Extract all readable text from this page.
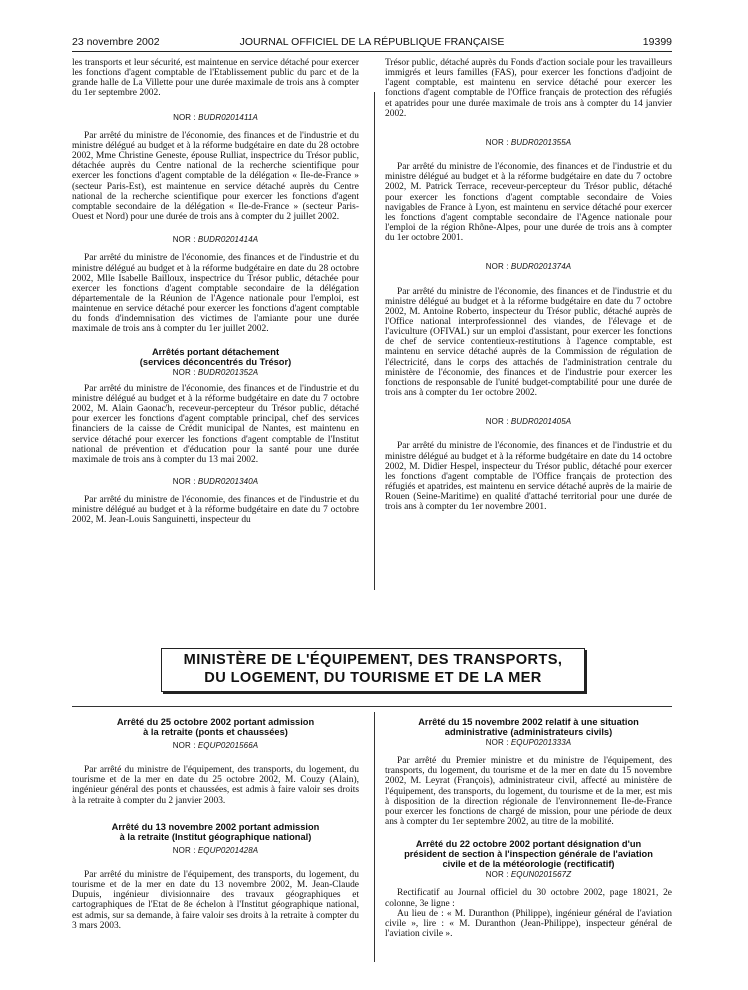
23 novembre 2002	JOURNAL OFFICIEL DE LA RÉPUBLIQUE FRANÇAISE	19399

les transports et leur sécurité, est maintenue en service détaché pour exercer les fonctions d'agent comptable de l'Etablissement public du parc et de la grande halle de La Villette pour une durée maximale de trois ans à compter du 1er septembre 2002.

NOR : BUDR0201411A

Par arrêté du ministre de l'économie, des finances et de l'industrie et du ministre délégué au budget et à la réforme budgétaire en date du 28 octobre 2002, Mme Christine Geneste, épouse Rulliat, inspectrice du Trésor public, détachée auprès du Centre national de la recherche scientifique pour exercer les fonctions d'agent comptable de la délégation « Ile-de-France » (secteur Paris-Est), est maintenue en service détaché auprès du Centre national de la recherche scientifique pour exercer les fonctions d'agent comptable secondaire de la délégation « Ile-de-France » (secteur Paris-Ouest et Nord) pour une durée de trois ans à compter du 2 juillet 2002.

NOR : BUDR0201414A

Par arrêté du ministre de l'économie, des finances et de l'industrie et du ministre délégué au budget et à la réforme budgétaire en date du 28 octobre 2002, Mlle Isabelle Bailloux, inspectrice du Trésor public, détachée pour exercer les fonctions d'agent comptable secondaire de la délégation départementale de la Réunion de l'Agence nationale pour l'emploi, est maintenue en service détaché pour exercer les fonctions d'agent comptable du fonds d'indemnisation des victimes de l'amiante pour une durée maximale de trois ans à compter du 1er juillet 2002.

Arrêtés portant détachement
(services déconcentrés du Trésor)
NOR : BUDR0201352A

Par arrêté du ministre de l'économie, des finances et de l'industrie et du ministre délégué au budget et à la réforme budgétaire en date du 7 octobre 2002, M. Alain Gaonac'h, receveur-percepteur du Trésor public, détaché pour exercer les fonctions d'agent comptable principal, chef des services financiers de la caisse de Crédit municipal de Nantes, est maintenu en service détaché pour exercer les fonctions d'agent comptable de l'Institut national de prévention et d'éducation pour la santé pour une durée maximale de trois ans à compter du 13 mai 2002.

NOR : BUDR0201340A

Par arrêté du ministre de l'économie, des finances et de l'industrie et du ministre délégué au budget et à la réforme budgétaire en date du 7 octobre 2002, M. Jean-Louis Sanguinetti, inspecteur du

Trésor public, détaché auprès du Fonds d'action sociale pour les travailleurs immigrés et leurs familles (FAS), pour exercer les fonctions d'adjoint de l'agent comptable, est maintenu en service détaché pour exercer les fonctions d'agent comptable de l'Office français de protection des réfugiés et apatrides pour une durée maximale de trois ans à compter du 14 janvier 2002.

NOR : BUDR0201355A

Par arrêté du ministre de l'économie, des finances et de l'industrie et du ministre délégué au budget et à la réforme budgétaire en date du 7 octobre 2002, M. Patrick Terrace, receveur-percepteur du Trésor public, détaché pour exercer les fonctions d'agent comptable secondaire de Voies navigables de France à Lyon, est maintenu en service détaché pour exercer les fonctions d'agent comptable secondaire de l'Agence nationale pour l'emploi de la région Rhône-Alpes, pour une durée de trois ans à compter du 1er octobre 2001.

NOR : BUDR0201374A

Par arrêté du ministre de l'économie, des finances et de l'industrie et du ministre délégué au budget et à la réforme budgétaire en date du 7 octobre 2002, M. Antoine Roberto, inspecteur du Trésor public, détaché auprès de l'Office national interprofessionnel des viandes, de l'élevage et de l'aviculture (OFIVAL) sur un emploi d'assistant, pour exercer les fonctions de chef de service contentieux-restitutions à l'agence comptable, est maintenu en service détaché auprès de la Commission de régulation de l'électricité, dans le corps des attachés de l'administration centrale du ministère de l'économie, des finances et de l'industrie pour exercer les fonctions de responsable de l'unité budget-comptabilité pour une durée de trois ans à compter du 1er octobre 2002.

NOR : BUDR0201405A

Par arrêté du ministre de l'économie, des finances et de l'industrie et du ministre délégué au budget et à la réforme budgétaire en date du 14 octobre 2002, M. Didier Hespel, inspecteur du Trésor public, détaché pour exercer les fonctions d'agent comptable de l'Office français de protection des réfugiés et apatrides, est maintenu en service détaché auprès de la mairie de Rouen (Seine-Maritime) en qualité d'attaché territorial pour une durée de trois ans à compter du 1er novembre 2001.

MINISTÈRE DE L'ÉQUIPEMENT, DES TRANSPORTS,
DU LOGEMENT, DU TOURISME ET DE LA MER
Arrêté du 25 octobre 2002 portant admission
à la retraite (ponts et chaussées)
NOR : EQUP0201566A

Par arrêté du ministre de l'équipement, des transports, du logement, du tourisme et de la mer en date du 25 octobre 2002, M. Couzy (Alain), ingénieur général des ponts et chaussées, est admis à faire valoir ses droits à la retraite à compter du 2 janvier 2003.

Arrêté du 13 novembre 2002 portant admission
à la retraite (Institut géographique national)
NOR : EQUP0201428A

Par arrêté du ministre de l'équipement, des transports, du logement, du tourisme et de la mer en date du 13 novembre 2002, M. Jean-Claude Dupuis, ingénieur divisionnaire des travaux géographiques et cartographiques de l'Etat de 8e échelon à l'Institut géographique national, est admis, sur sa demande, à faire valoir ses droits à la retraite à compter du 3 mars 2003.

Arrêté du 15 novembre 2002 relatif à une situation
administrative (administrateurs civils)
NOR : EQUP0201333A

Par arrêté du Premier ministre et du ministre de l'équipement, des transports, du logement, du tourisme et de la mer en date du 15 novembre 2002, M. Leyrat (François), administrateur civil, affecté au ministère de l'équipement, des transports, du logement, du tourisme et de la mer, est mis à disposition de la direction régionale de l'environnement Ile-de-France pour exercer les fonctions de chargé de mission, pour une période de deux ans à compter du 1er septembre 2002, au titre de la mobilité.

Arrêté du 22 octobre 2002 portant désignation d'un
président de section à l'inspection générale de l'aviation
civile et de la météorologie (rectificatif)
NOR : EQUN0201567Z

Rectificatif au Journal officiel du 30 octobre 2002, page 18021, 2e colonne, 3e ligne :

Au lieu de : « M. Duranthon (Philippe), ingénieur général de l'aviation civile », lire : « M. Duranthon (Jean-Philippe), inspecteur général de l'aviation civile ».
